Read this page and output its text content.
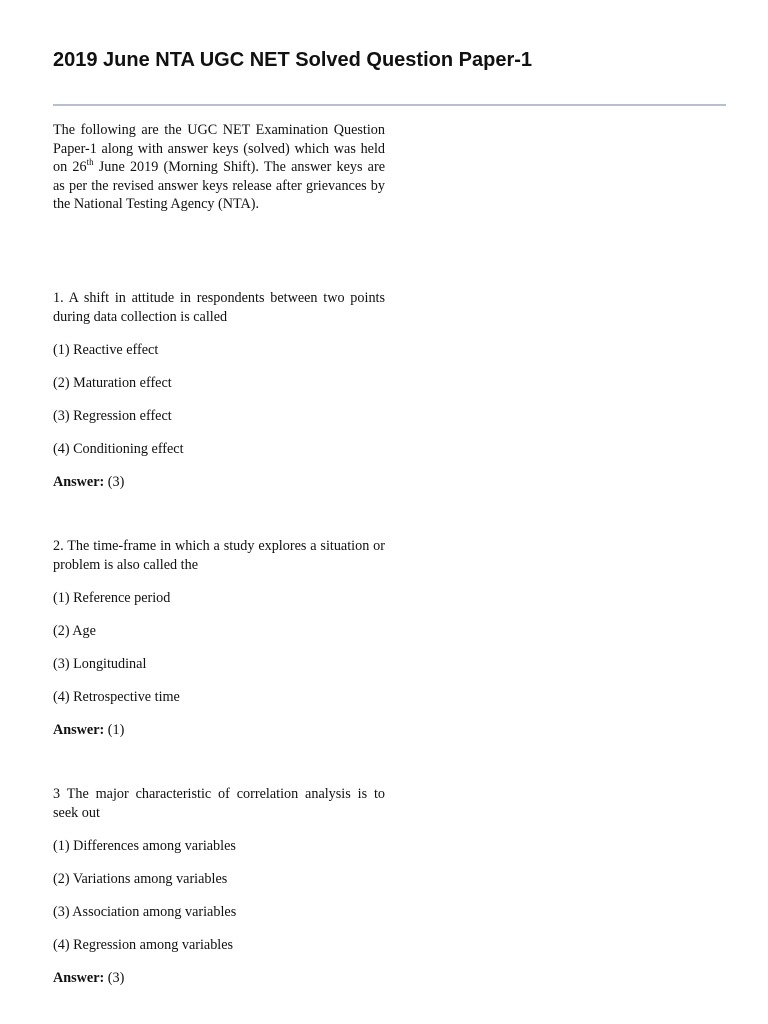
2019 June NTA UGC NET Solved Question Paper-1

The following are the UGC NET Examination Question Paper-1 along with answer keys (solved) which was held on 26th June 2019 (Morning Shift). The answer keys are as per the revised answer keys release after grievances by the National Testing Agency (NTA).

1. A shift in attitude in respondents between two points during data collection is called

(1) Reactive effect

(2) Maturation effect

(3) Regression effect

(4) Conditioning effect

Answer: (3)

2. The time-frame in which a study explores a situation or problem is also called the

(1) Reference period

(2) Age

(3) Longitudinal

(4) Retrospective time

Answer: (1)

3 The major characteristic of correlation analysis is to seek out

(1) Differences among variables

(2) Variations among variables

(3) Association among variables

(4) Regression among variables

Answer: (3)
